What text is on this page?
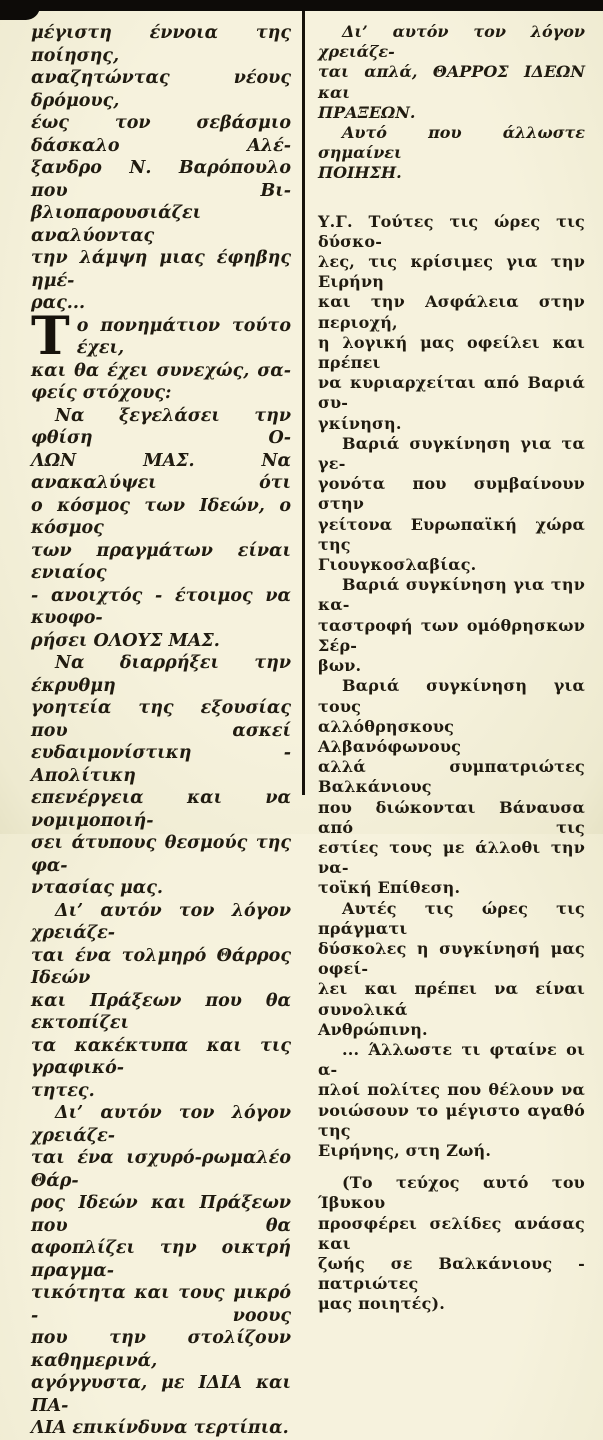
μέγιστη έννοια της ποίησης,
αναζητώντας νέους δρόμους,
έως τον σεβάσμιο δάσκαλο Αλέ-
ξανδρο Ν. Βαρόπουλο που Βι-
βλιοπαρουσιάζει αναλύοντας
την λάμψη μιας έφηβης ημέ-
ρας...
Τ ο πονημάτιον τούτο έχει,
και θα έχει συνεχώς, σα-
φείς στόχους:
Να ξεγελάσει την φθίση Ο-
ΛΩΝ ΜΑΣ. Να ανακαλύψει ότι
ο κόσμος των Ιδεών, ο κόσμος
των πραγμάτων είναι ενιαίος
- ανοιχτός - έτοιμος να κυοφο-
ρήσει ΟΛΟΥΣ ΜΑΣ.
Να διαρρήξει την έκρυθμη
γοητεία της εξουσίας που ασκεί
ευδαιμονίστικη - Απολίτικη
επενέργεια και να νομιμοποιή-
σει άτυπους θεσμούς της φα-
ντασίας μας.
Δι’ αυτόν τον λόγον χρειάζε-
ται ένα τολμηρό Θάρρος Ιδεών
και Πράξεων που θα εκτοπίζει
τα κακέκτυπα και τις γραφικό-
τητες.
Δι’ αυτόν τον λόγον χρειάζε-
ται ένα ισχυρό-ρωμαλέο Θάρ-
ρος Ιδεών και Πράξεων που θα
αφοπλίζει την οικτρή πραγμα-
τικότητα και τους μικρό - νοους
που την στολίζουν καθημερινά,
αγόγγυστα, με ΙΔΙΑ και ΠΑ-
ΛΙΑ επικίνδυνα τερτίπια.
Δι’ αυτόν τον λόγον χρειάζε-
ται απλά, ΘΑΡΡΟΣ ΙΔΕΩΝ και
ΠΡΑΞΕΩΝ.
Αυτό που άλλωστε σημαίνει
ΠΟΙΗΣΗ.
Υ.Γ. Τούτες τις ώρες τις δύσκο-
λες, τις κρίσιμες για την Ειρήνη
και την Ασφάλεια στην περιοχή,
η λογική μας οφείλει και πρέπει
να κυριαρχείται από Βαριά συ-
γκίνηση.
Βαριά συγκίνηση για τα γε-
γονότα που συμβαίνουν στην
γείτονα Ευρωπαϊκή χώρα της
Γιουγκοσλαβίας.
Βαριά συγκίνηση για την κα-
ταστροφή των ομόθρησκων Σέρ-
βων.
Βαριά συγκίνηση για τους
αλλόθρησκους Αλβανόφωνους
αλλά συμπατριώτες Βαλκάνιους
που διώκονται Βάναυσα από τις
εστίες τους με άλλοθι την να-
τοϊκή Επίθεση.
Αυτές τις ώρες τις πράγματι
δύσκολες η συγκίνησή μας οφεί-
λει και πρέπει να είναι συνολικά
Ανθρώπινη.
... Άλλωστε τι φταίνε οι α-
πλοί πολίτες που θέλουν να
νοιώσουν το μέγιστο αγαθό της
Ειρήνης, στη Ζωή.
(Το τεύχος αυτό του Ίβυκου
προσφέρει σελίδες ανάσας και
ζωής σε Βαλκάνιους - πατριώτες
μας ποιητές).
